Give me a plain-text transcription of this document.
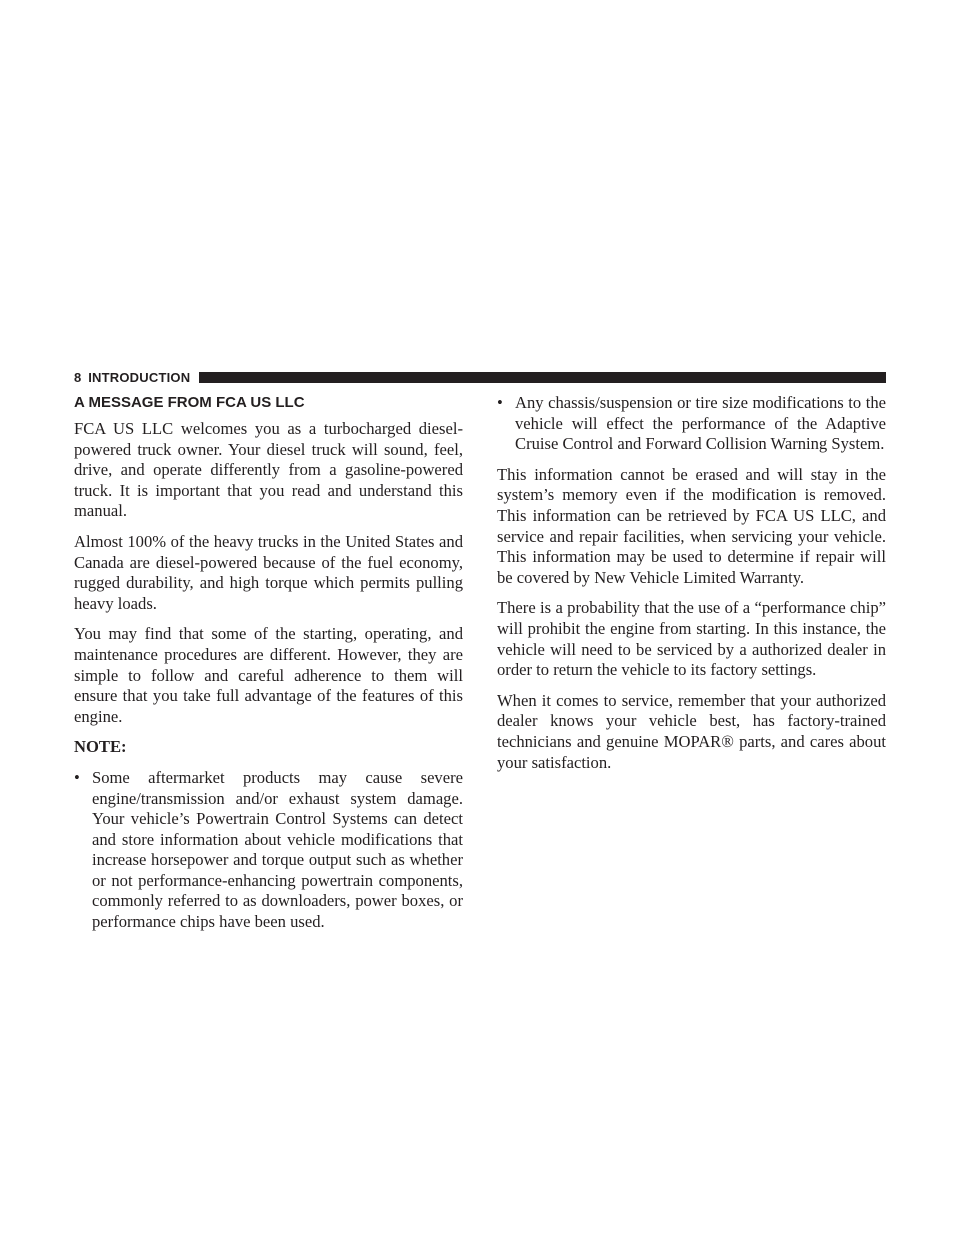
8 INTRODUCTION
A MESSAGE FROM FCA US LLC

FCA US LLC welcomes you as a turbocharged diesel-powered truck owner. Your diesel truck will sound, feel, drive, and operate differently from a gasoline-powered truck. It is important that you read and understand this manual.

Almost 100% of the heavy trucks in the United States and Canada are diesel-powered because of the fuel economy, rugged durability, and high torque which permits pulling heavy loads.

You may find that some of the starting, operating, and maintenance procedures are different. However, they are simple to follow and careful adherence to them will ensure that you take full advantage of the features of this engine.

NOTE:

• Some aftermarket products may cause severe engine/transmission and/or exhaust system damage. Your vehicle’s Powertrain Control Systems can detect and store information about vehicle modifications that increase horsepower and torque output such as whether or not performance-enhancing powertrain components, commonly referred to as downloaders, power boxes, or performance chips have been used.
• Any chassis/suspension or tire size modifications to the vehicle will effect the performance of the Adaptive Cruise Control and Forward Collision Warning System.

This information cannot be erased and will stay in the system’s memory even if the modification is removed. This information can be retrieved by FCA US LLC, and service and repair facilities, when servicing your vehicle. This information may be used to determine if repair will be covered by New Vehicle Limited Warranty.

There is a probability that the use of a “performance chip” will prohibit the engine from starting. In this instance, the vehicle will need to be serviced by a authorized dealer in order to return the vehicle to its factory settings.

When it comes to service, remember that your authorized dealer knows your vehicle best, has factory-trained technicians and genuine MOPAR® parts, and cares about your satisfaction.
